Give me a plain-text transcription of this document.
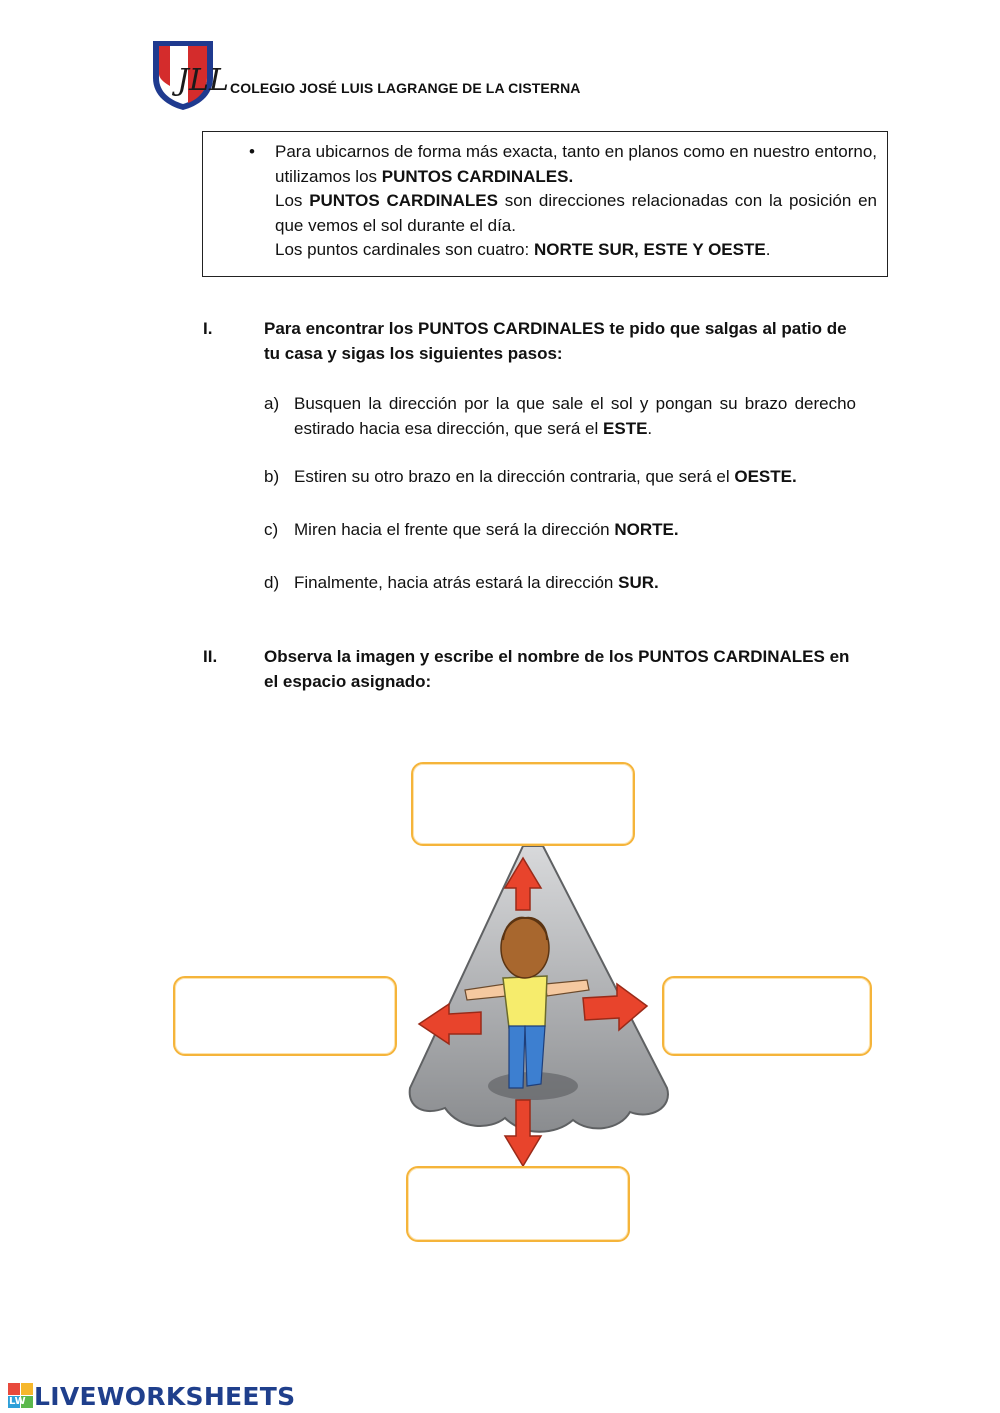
JLL COLEGIO JOSÉ LUIS LAGRANGE DE LA CISTERNA
• Para ubicarnos de forma más exacta, tanto en planos como en nuestro entorno, utilizamos los PUNTOS CARDINALES.

Los PUNTOS CARDINALES son direcciones relacionadas con la posición en que vemos el sol durante el día.

Los puntos cardinales son cuatro: NORTE SUR, ESTE Y OESTE.

I.	Para encontrar los PUNTOS CARDINALES te pido que salgas al patio de tu casa y sigas los siguientes pasos:
a) Busquen la dirección por la que sale el sol y pongan su brazo derecho estirado hacia esa dirección, que será el ESTE.
b) Estiren su otro brazo en la dirección contraria, que será el OESTE.
c) Miren hacia el frente que será la dirección NORTE.
d) Finalmente, hacia atrás estará la dirección SUR.
II.	Observa la imagen y escribe el nombre de los PUNTOS CARDINALES en el espacio asignado:
LW LIVEWORKSHEETS
